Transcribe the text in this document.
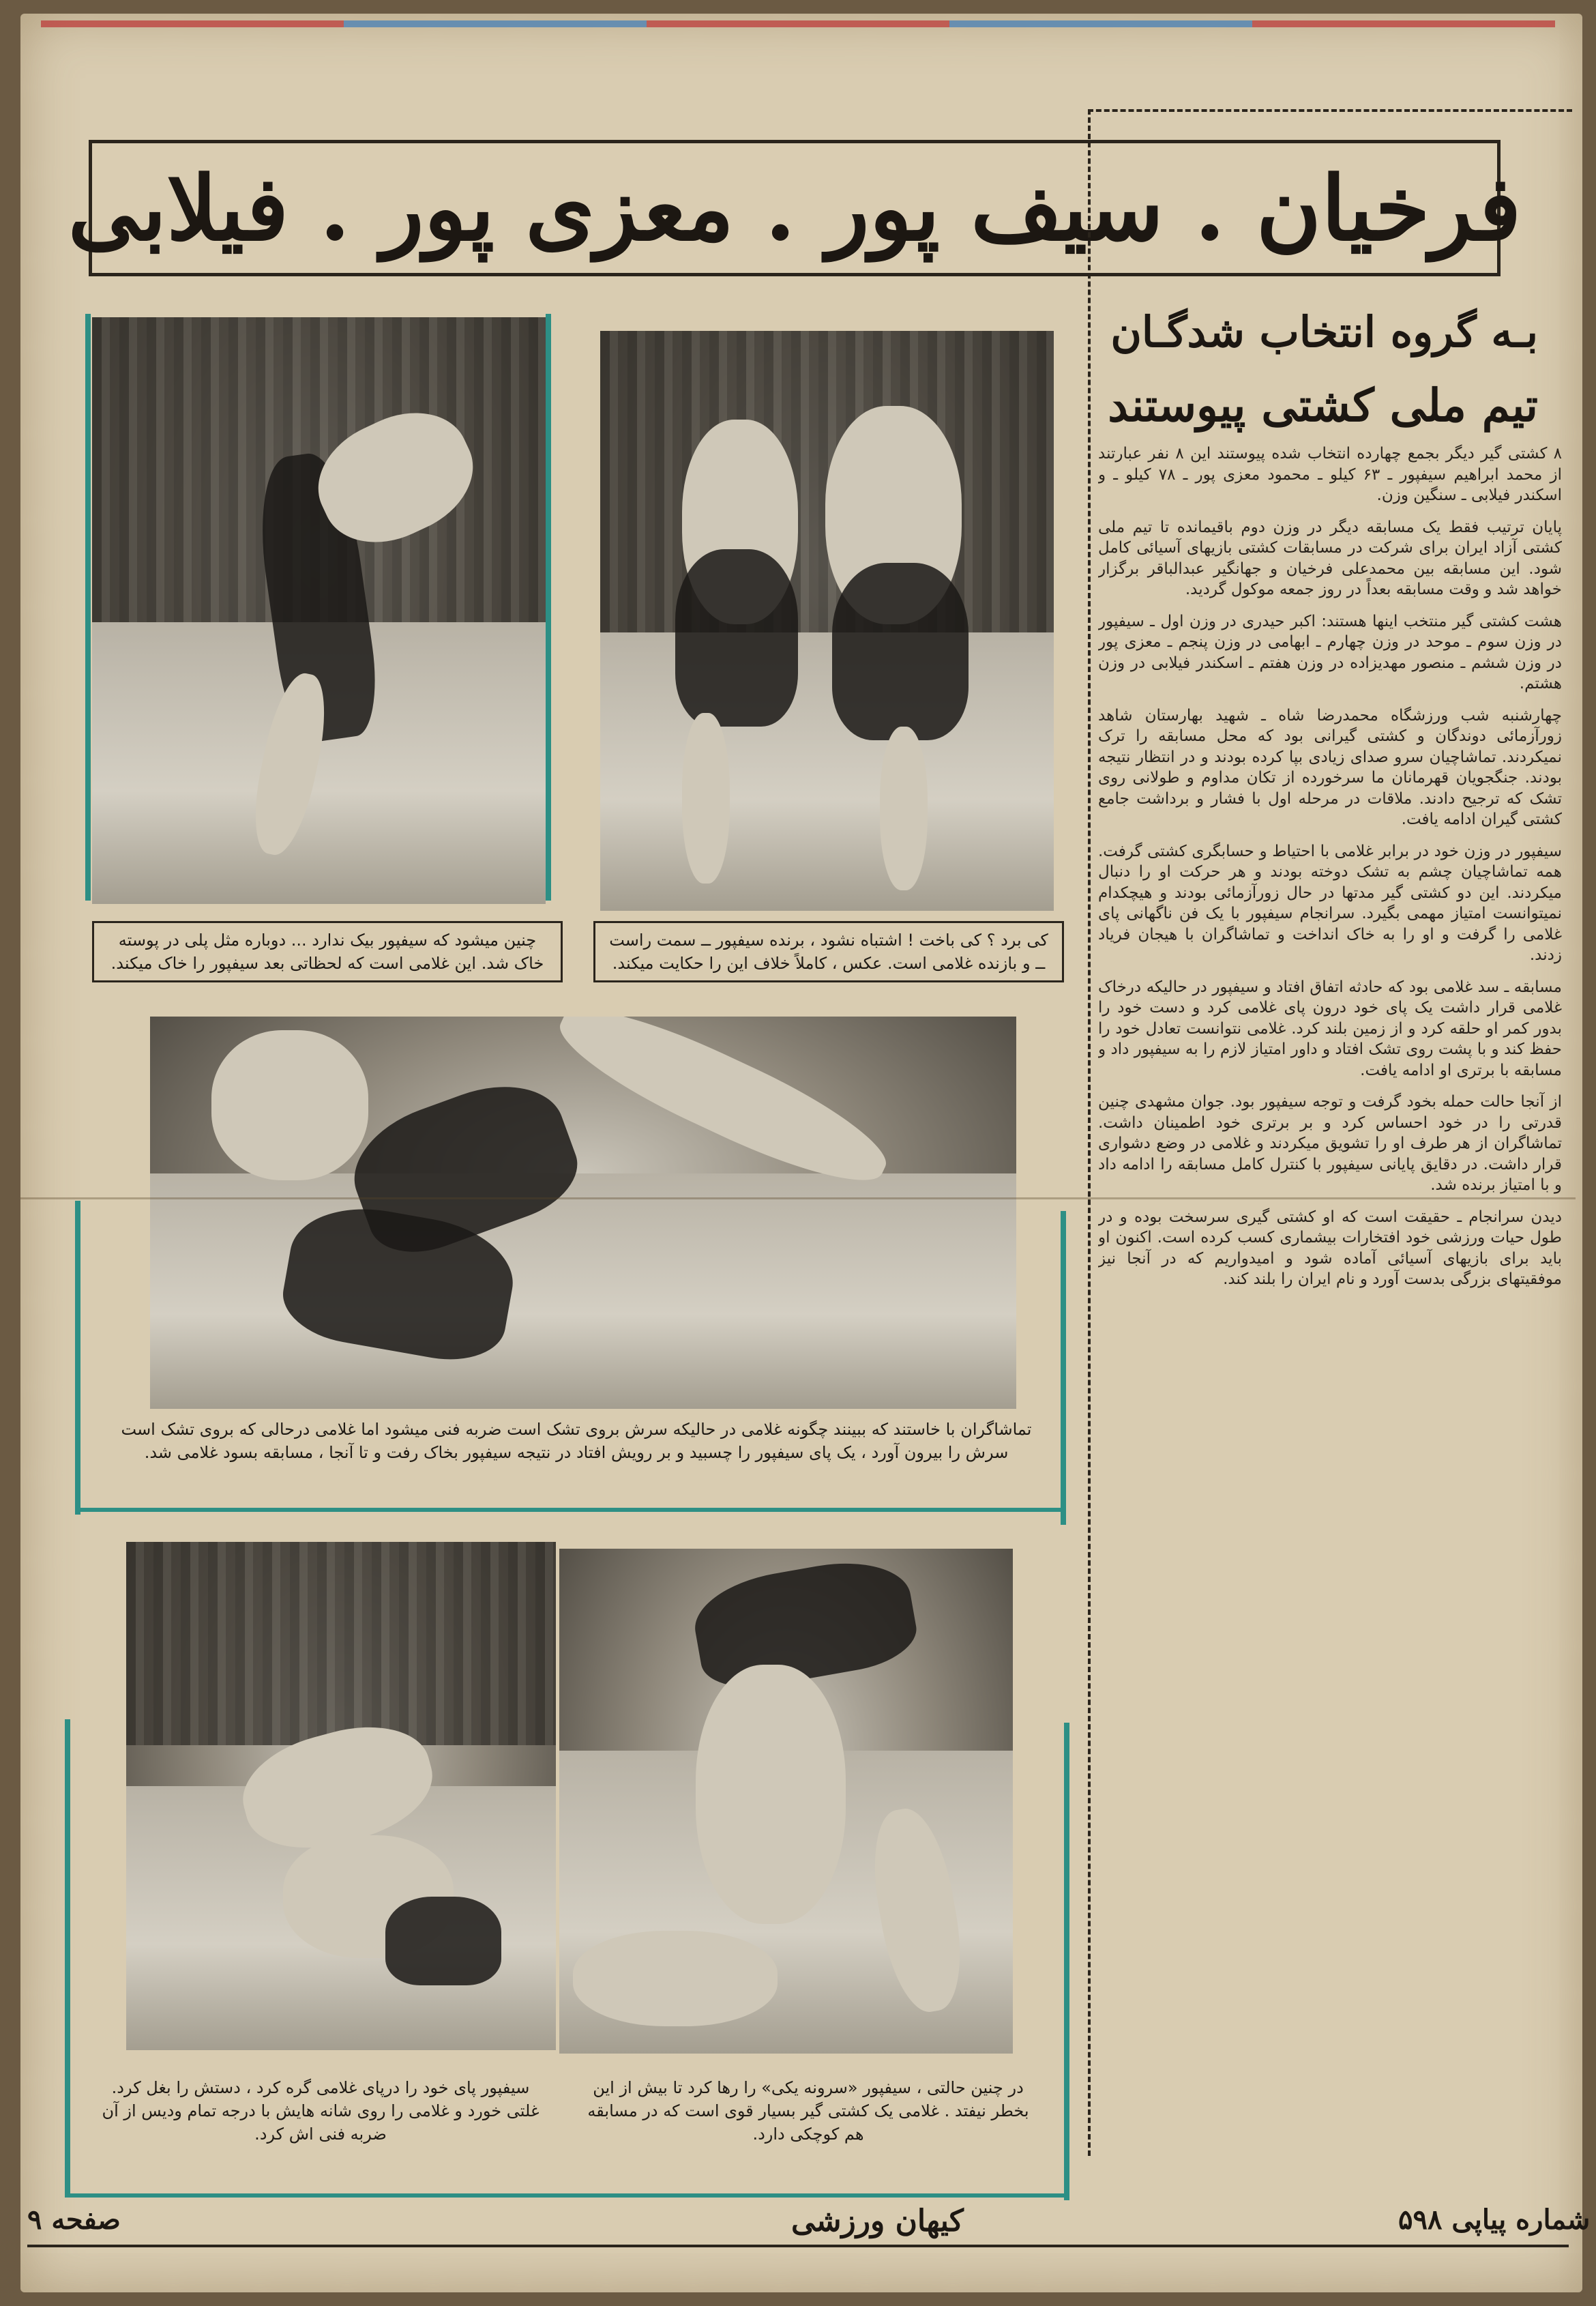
فرخیان . سیف پور . معزی پور . فیلابی
بـه گروه انتخاب شدگـان
تیم ملی کشتی پیوستند

۸ کشتی گیر دیگر بجمع چهارده انتخاب شده پیوستند این ۸ نفر عبارتند از محمد ابراهیم سیفپور ـ ۶۳ کیلو ـ محمود معزی پور ـ ۷۸ کیلو ـ و اسکندر فیلابی ـ سنگین وزن.

پایان ترتیب فقط یک مسابقه دیگر در وزن دوم باقیمانده تا تیم ملی کشتی آزاد ایران برای شرکت در مسابقات کشتی بازیهای آسیائی کامل شود. این مسابقه بین محمدعلی فرخیان و جهانگیر عبدالباقر برگزار خواهد شد و وقت مسابقه بعداً در روز جمعه موکول گردید.

هشت کشتی گیر منتخب اینها هستند: اکبر حیدری در وزن اول ـ سیفپور در وزن سوم ـ موحد در وزن چهارم ـ ابهامی در وزن پنجم ـ معزی پور در وزن ششم ـ منصور مهدیزاده در وزن هفتم ـ اسکندر فیلابی در وزن هشتم.

چهارشنبه شب ورزشگاه محمدرضا شاه ـ شهید بهارستان شاهد زورآزمائی دوندگان و کشتی گیرانی بود که محل مسابقه را ترک نمیکردند. تماشاچیان سرو صدای زیادی بپا کرده بودند و در انتظار نتیجه بودند. جنگجویان قهرمانان ما سرخورده از تکان مداوم و طولانی روی تشک که ترجیح دادند. ملاقات در مرحله اول با فشار و برداشت جامع کشتی گیران ادامه یافت.

سیفپور در وزن خود در برابر غلامی با احتیاط و حسابگری کشتی گرفت. همه تماشاچیان چشم به تشک دوخته بودند و هر حرکت او را دنبال میکردند. این دو کشتی گیر مدتها در حال زورآزمائی بودند و هیچکدام نمیتوانست امتیاز مهمی بگیرد. سرانجام سیفپور با یک فن ناگهانی پای غلامی را گرفت و او را به خاک انداخت و تماشاگران با هیجان فریاد زدند.

مسابقه ـ سد غلامی بود که حادثه اتفاق افتاد و سیفپور در حالیکه درخاک غلامی قرار داشت یک پای خود درون پای غلامی کرد و دست خود را بدور کمر او حلقه کرد و از زمین بلند کرد. غلامی نتوانست تعادل خود را حفظ کند و با پشت روی تشک افتاد و داور امتیاز لازم را به سیفپور داد و مسابقه با برتری او ادامه یافت.

از آنجا حالت حمله بخود گرفت و توجه سیفپور بود. جوان مشهدی چنین قدرتی را در خود احساس کرد و بر برتری خود اطمینان داشت. تماشاگران از هر طرف او را تشویق میکردند و غلامی در وضع دشواری قرار داشت. در دقایق پایانی سیفپور با کنترل کامل مسابقه را ادامه داد و با امتیاز برنده شد.

دیدن سرانجام ـ حقیقت است که او کشتی گیری سرسخت بوده و در طول حیات ورزشی خود افتخارات بیشماری کسب کرده است. اکنون او باید برای بازیهای آسیائی آماده شود و امیدواریم که در آنجا نیز موفقیتهای بزرگی بدست آورد و نام ایران را بلند کند.

چنین میشود که سیفپور بیک ندارد ... دوباره مثل پلی در پوسته خاک شد. این غلامی است که لحظاتی بعد سیفپور را خاک میکند.
کی برد ؟ کی باخت ! اشتباه نشود ، برنده سیفپور ــ سمت راست ــ و بازنده غلامی است. عکس ، کاملاً خلاف این را حکایت میکند.
تماشاگران با خاستند که ببینند چگونه غلامی در حالیکه سرش بروی تشک است ضربه فنی میشود اما غلامی درحالی که بروی تشک است سرش را بیرون آورد ، یک پای سیفپور را چسبید و بر رویش افتاد در نتیجه سیفپور بخاک رفت و تا آنجا ، مسابقه بسود غلامی شد.
سیفپور پای خود را درپای غلامی گره کرد ، دستش را بغل کرد. غلتی خورد و غلامی را روی شانه هایش با درجه تمام ودیس از آن ضربه فنی اش کرد.
در چنین حالتی ، سیفپور «سرونه یکی» را رها کرد تا بیش از این بخطر نیفتد . غلامی یک کشتی گیر بسیار قوی است که در مسابقه هم کوچکی دارد.
صفحه ۹	کیهان ورزشی	شماره پیاپی ۵۹۸
